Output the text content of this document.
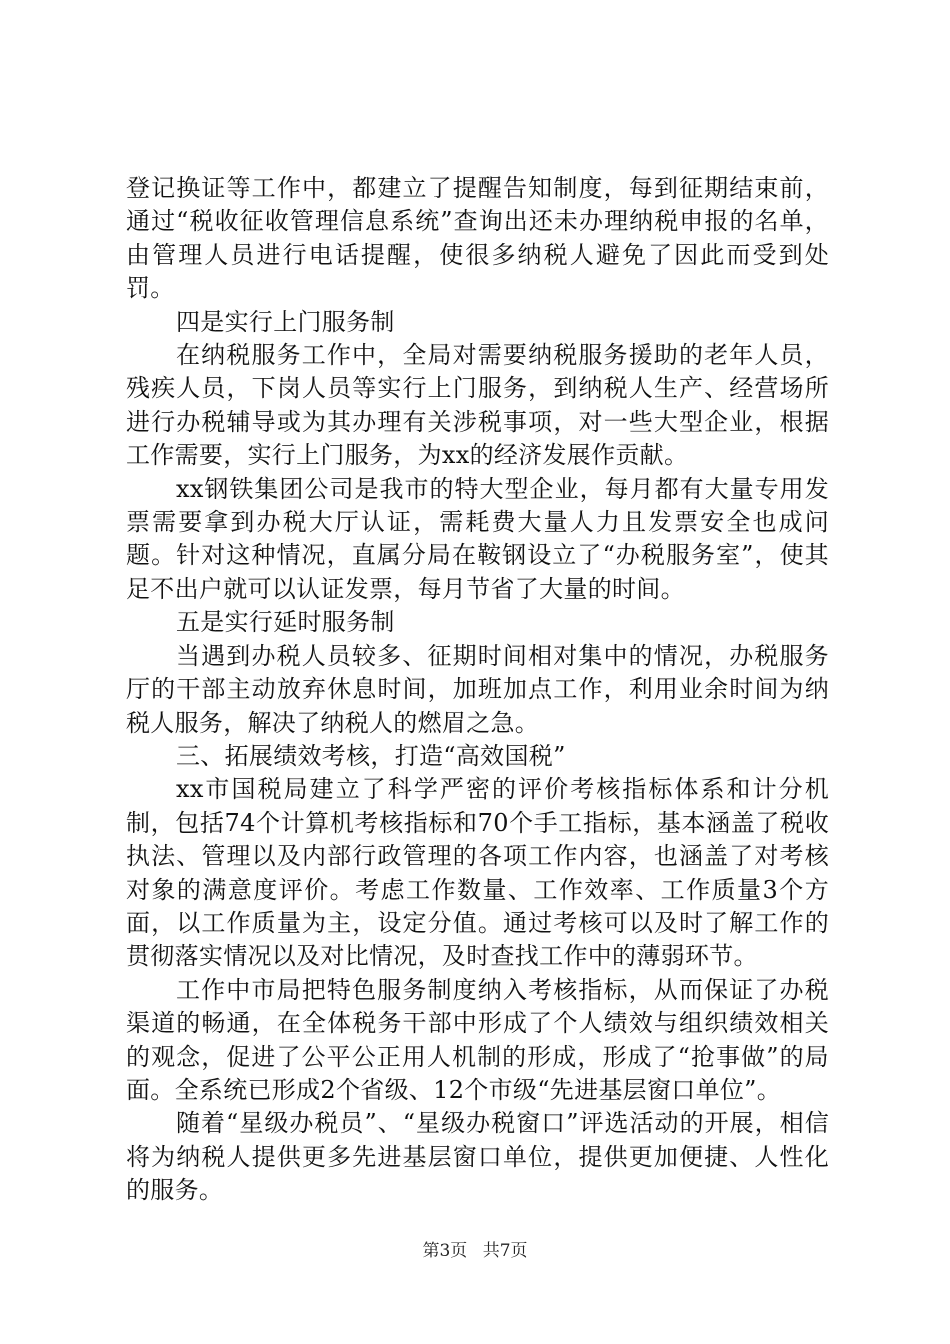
登记换证等工作中，都建立了提醒告知制度，每到征期结束前，通过“税收征收管理信息系统”查询出还未办理纳税申报的名单，由管理人员进行电话提醒，使很多纳税人避免了因此而受到处罚。

四是实行上门服务制

在纳税服务工作中，全局对需要纳税服务援助的老年人员，残疾人员，下岗人员等实行上门服务，到纳税人生产、经营场所进行办税辅导或为其办理有关涉税事项，对一些大型企业，根据工作需要，实行上门服务，为xx的经济发展作贡献。

xx钢铁集团公司是我市的特大型企业，每月都有大量专用发票需要拿到办税大厅认证，需耗费大量人力且发票安全也成问题。针对这种情况，直属分局在鞍钢设立了“办税服务室”，使其足不出户就可以认证发票，每月节省了大量的时间。

五是实行延时服务制

当遇到办税人员较多、征期时间相对集中的情况，办税服务厅的干部主动放弃休息时间，加班加点工作，利用业余时间为纳税人服务，解决了纳税人的燃眉之急。

三、拓展绩效考核，打造“高效国税”

xx市国税局建立了科学严密的评价考核指标体系和计分机制，包括74个计算机考核指标和70个手工指标，基本涵盖了税收执法、管理以及内部行政管理的各项工作内容，也涵盖了对考核对象的满意度评价。考虑工作数量、工作效率、工作质量3个方面，以工作质量为主，设定分值。通过考核可以及时了解工作的贯彻落实情况以及对比情况，及时查找工作中的薄弱环节。

工作中市局把特色服务制度纳入考核指标，从而保证了办税渠道的畅通，在全体税务干部中形成了个人绩效与组织绩效相关的观念，促进了公平公正用人机制的形成，形成了“抢事做”的局面。全系统已形成2个省级、12个市级“先进基层窗口单位”。

随着“星级办税员”、“星级办税窗口”评选活动的开展，相信将为纳税人提供更多先进基层窗口单位，提供更加便捷、人性化的服务。

第3页 共7页
